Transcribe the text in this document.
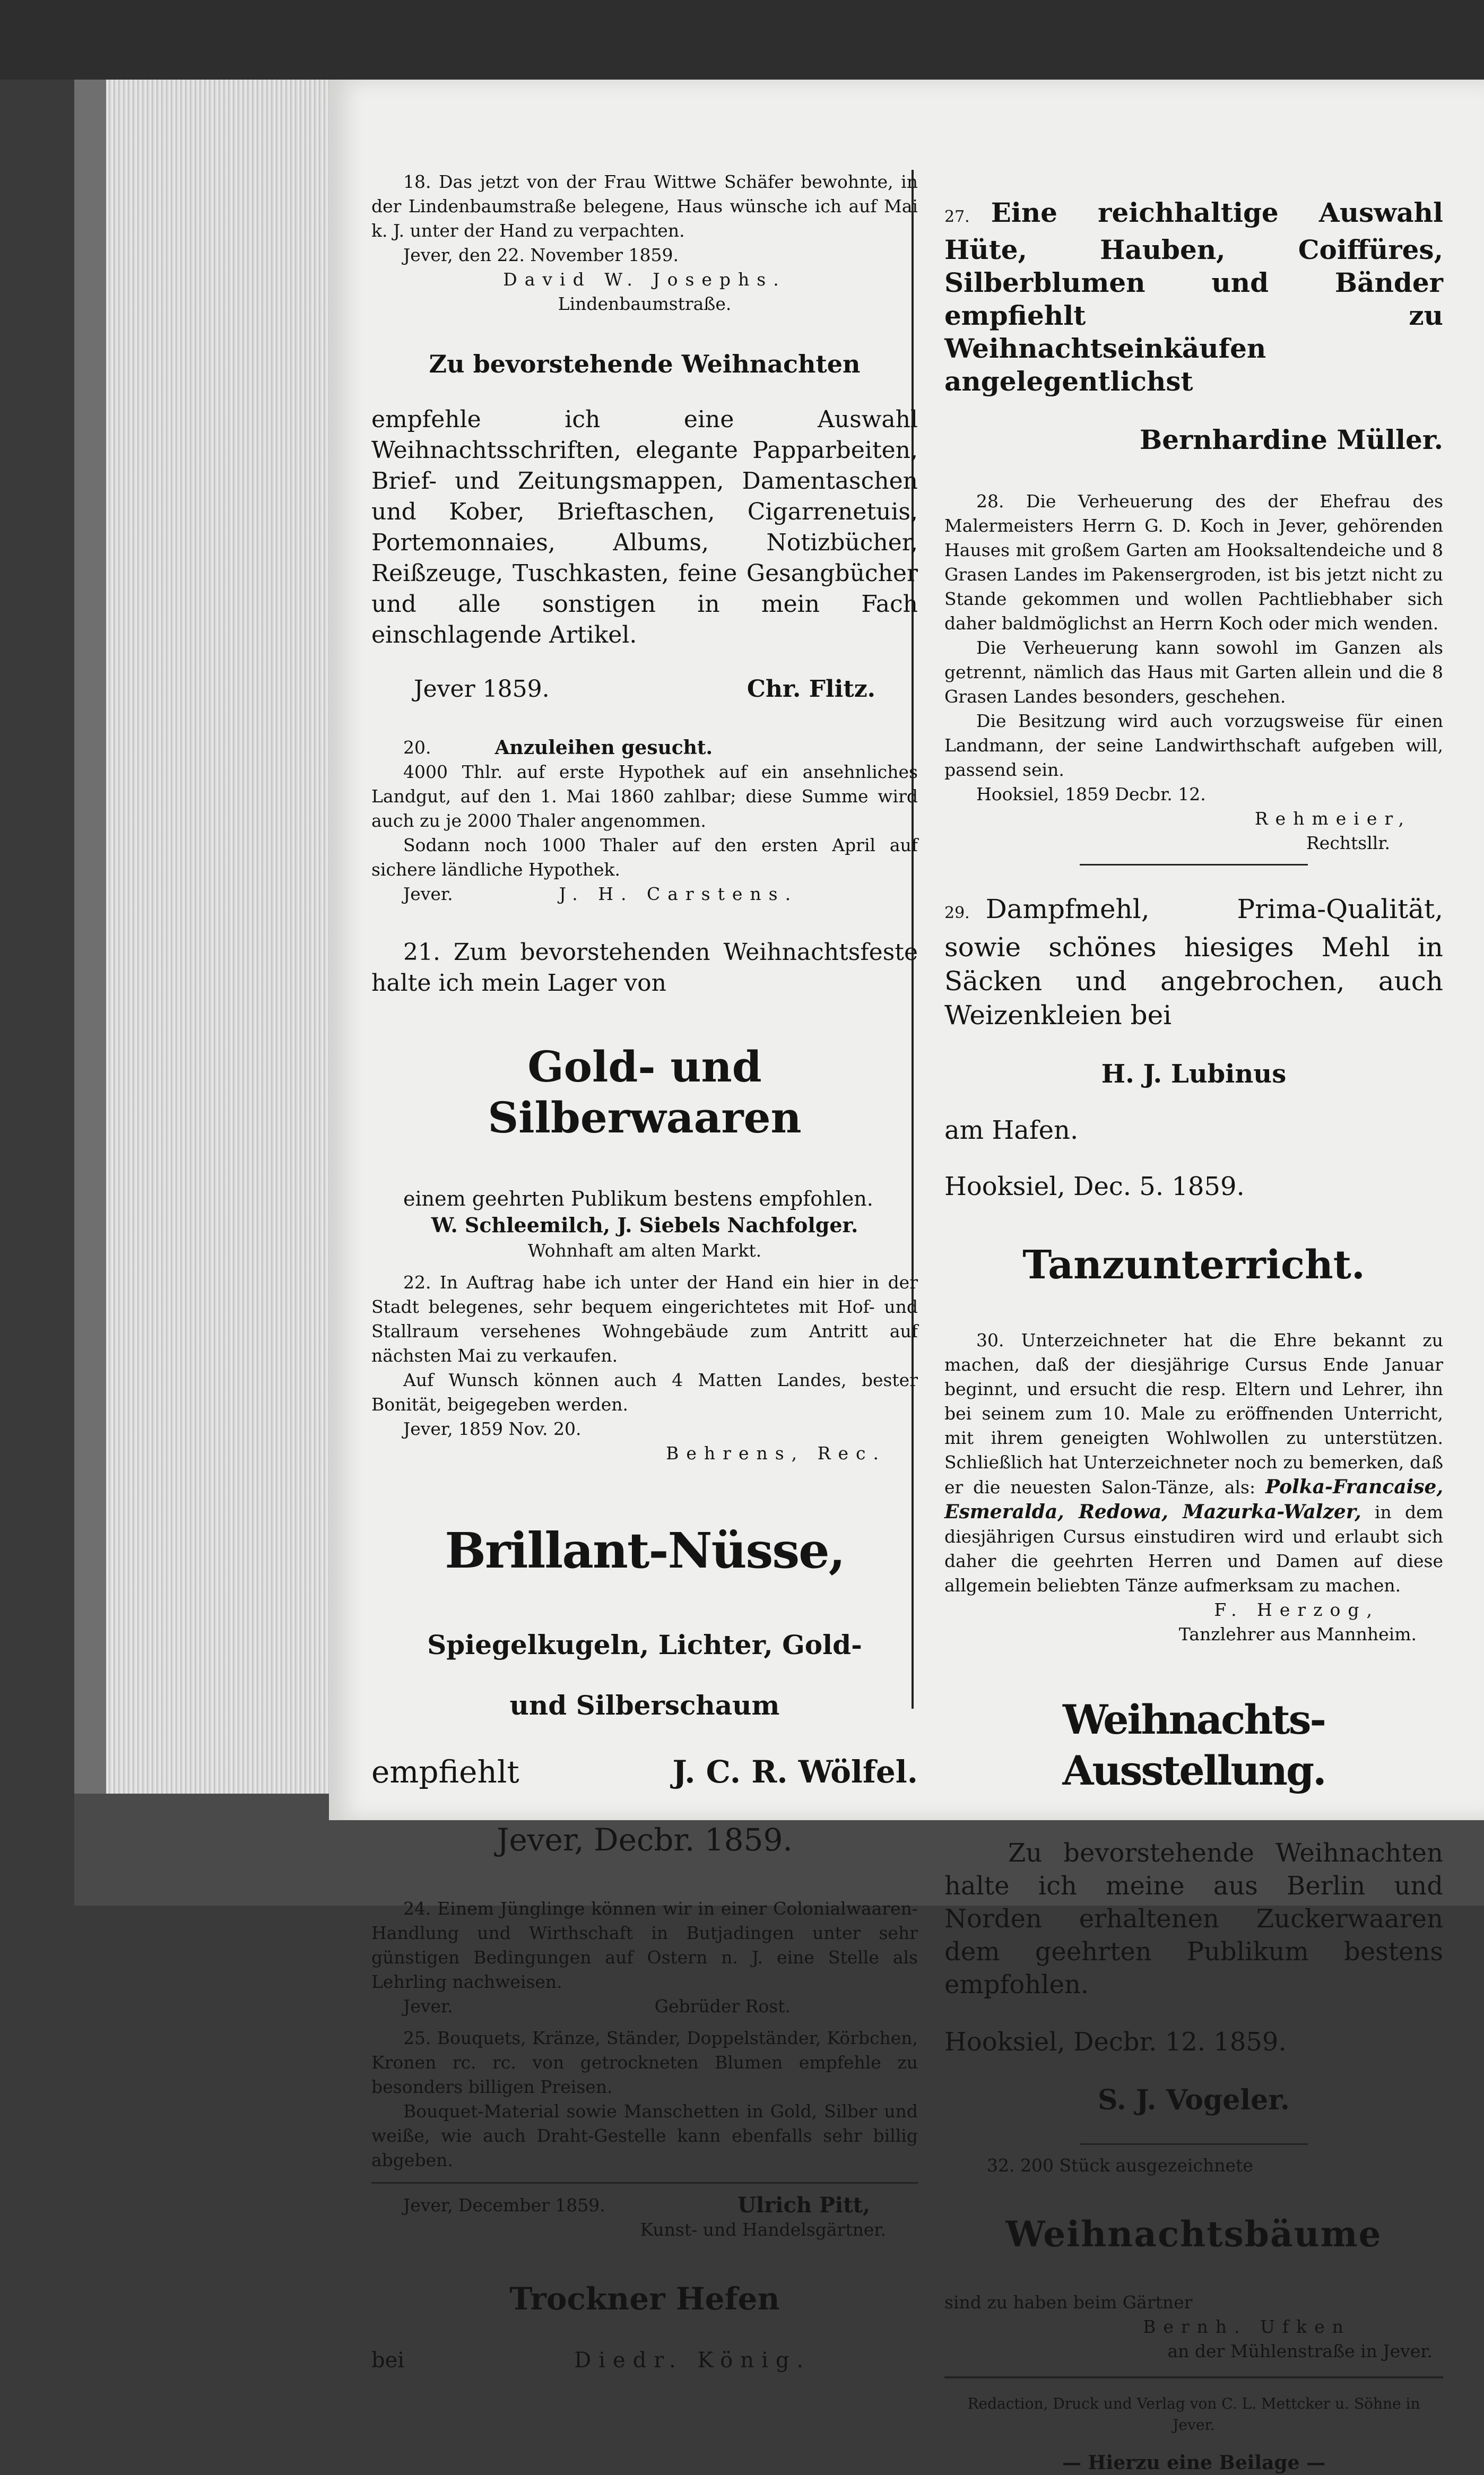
18. Das jetzt von der Frau Wittwe Schäfer bewohnte, in der Lindenbaumstraße belegene, Haus wünsche ich auf Mai k. J. unter der Hand zu verpachten.

Jever, den 22. November 1859.

David W. Josephs.

Lindenbaumstraße.

Zu bevorstehende Weihnachten

empfehle ich eine Auswahl Weihnachtsschriften, elegante Papparbeiten, Brief- und Zeitungsmappen, Damentaschen und Kober, Brieftaschen, Cigarrenetuis, Portemonnaies, Albums, Notizbücher, Reißzeuge, Tuschkasten, feine Gesangbücher und alle sonstigen in mein Fach einschlagende Artikel.

Jever 1859.	Chr. Flitz.

20.	Anzuleihen gesucht.

4000 Thlr. auf erste Hypothek auf ein ansehnliches Landgut, auf den 1. Mai 1860 zahlbar; diese Summe wird auch zu je 2000 Thaler angenommen.

Sodann noch 1000 Thaler auf den ersten April auf sichere ländliche Hypothek.

Jever.	J. H. Carstens.

21. Zum bevorstehenden Weihnachtsfeste halte ich mein Lager von

Gold- und Silberwaaren

einem geehrten Publikum bestens empfohlen.

W. Schleemilch, J. Siebels Nachfolger.

Wohnhaft am alten Markt.

22. In Auftrag habe ich unter der Hand ein hier in der Stadt belegenes, sehr bequem eingerichtetes mit Hof- und Stallraum versehenes Wohngebäude zum Antritt auf nächsten Mai zu verkaufen.

Auf Wunsch können auch 4 Matten Landes, bester Bonität, beigegeben werden.

Jever, 1859 Nov. 20.

Behrens, Rec.

Brillant-Nüsse,

Spiegelkugeln, Lichter, Gold-

und Silberschaum

empfiehlt	J. C. R. Wölfel.

Jever, Decbr. 1859.

24. Einem Jünglinge können wir in einer Colonialwaaren-Handlung und Wirthschaft in Butjadingen unter sehr günstigen Bedingungen auf Ostern n. J. eine Stelle als Lehrling nachweisen.

Jever.	Gebrüder Rost.

25. Bouquets, Kränze, Ständer, Doppelständer, Körbchen, Kronen rc. rc. von getrockneten Blumen empfehle zu besonders billigen Preisen.

Bouquet-Material sowie Manschetten in Gold, Silber und weiße, wie auch Draht-Gestelle kann ebenfalls sehr billig abgeben.

Jever, December 1859.	Ulrich Pitt,

Kunst- und Handelsgärtner.

Trockner Hefen

bei	Diedr. König.

27. Eine reichhaltige Auswahl Hüte, Hauben, Coiffüres, Silberblumen und Bänder empfiehlt zu Weihnachtseinkäufen angelegentlichst

Bernhardine Müller.

28. Die Verheuerung des der Ehefrau des Malermeisters Herrn G. D. Koch in Jever, gehörenden Hauses mit großem Garten am Hooksaltendeiche und 8 Grasen Landes im Pakensergroden, ist bis jetzt nicht zu Stande gekommen und wollen Pachtliebhaber sich daher baldmöglichst an Herrn Koch oder mich wenden.

Die Verheuerung kann sowohl im Ganzen als getrennt, nämlich das Haus mit Garten allein und die 8 Grasen Landes besonders, geschehen.

Die Besitzung wird auch vorzugsweise für einen Landmann, der seine Landwirthschaft aufgeben will, passend sein.

Hooksiel, 1859 Decbr. 12.

Rehmeier,

Rechtsllr.

29. Dampfmehl, Prima-Qualität, sowie schönes hiesiges Mehl in Säcken und angebrochen, auch Weizenkleien bei

H. J. Lubinus

am Hafen.

Hooksiel, Dec. 5. 1859.

Tanzunterricht.

30. Unterzeichneter hat die Ehre bekannt zu machen, daß der diesjährige Cursus Ende Januar beginnt, und ersucht die resp. Eltern und Lehrer, ihn bei seinem zum 10. Male zu eröffnenden Unterricht, mit ihrem geneigten Wohlwollen zu unterstützen. Schließlich hat Unterzeichneter noch zu bemerken, daß er die neuesten Salon-Tänze, als: Polka-Francaise, Esmeralda, Redowa, Mazurka-Walzer, in dem diesjährigen Cursus einstudiren wird und erlaubt sich daher die geehrten Herren und Damen auf diese allgemein beliebten Tänze aufmerksam zu machen.

F. Herzog,

Tanzlehrer aus Mannheim.

Weihnachts-Ausstellung.

Zu bevorstehende Weihnachten halte ich meine aus Berlin und Norden erhaltenen Zuckerwaaren dem geehrten Publikum bestens empfohlen.

Hooksiel, Decbr. 12. 1859.

S. J. Vogeler.

32. 200 Stück ausgezeichnete

Weihnachtsbäume

sind zu haben beim Gärtner

Bernh. Ufken

an der Mühlenstraße in Jever.

Redaction, Druck und Verlag von C. L. Mettcker u. Söhne in Jever.

— Hierzu eine Beilage —
